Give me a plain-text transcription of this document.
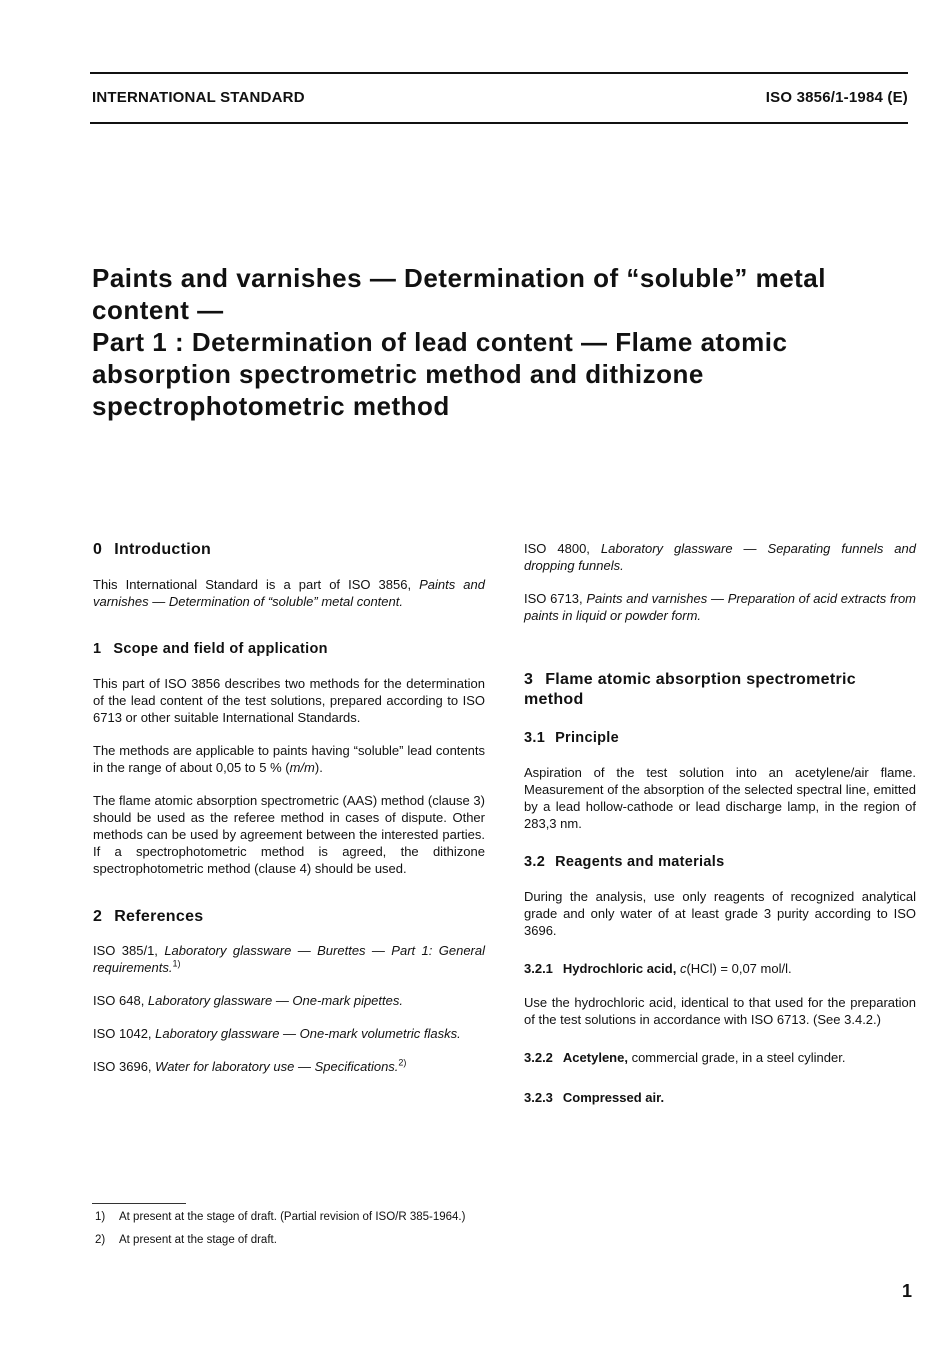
INTERNATIONAL STANDARD	ISO 3856/1-1984 (E)
Paints and varnishes — Determination of “soluble” metal
content —
Part 1 : Determination of lead content — Flame atomic
absorption spectrometric method and dithizone
spectrophotometric method
0 Introduction

This International Standard is a part of ISO 3856, Paints and varnishes — Determination of “soluble” metal content.

1 Scope and field of application

This part of ISO 3856 describes two methods for the determination of the lead content of the test solutions, prepared according to ISO 6713 or other suitable International Standards.

The methods are applicable to paints having “soluble” lead contents in the range of about 0,05 to 5 % (m/m).

The flame atomic absorption spectrometric (AAS) method (clause 3) should be used as the referee method in cases of dispute. Other methods can be used by agreement between the interested parties. If a spectrophotometric method is agreed, the dithizone spectrophotometric method (clause 4) should be used.

2 References

ISO 385/1, Laboratory glassware — Burettes — Part 1: General requirements.$^{1)}$

ISO 648, Laboratory glassware — One-mark pipettes.

ISO 1042, Laboratory glassware — One-mark volumetric flasks.

ISO 3696, Water for laboratory use — Specifications.$^{2)}$

ISO 4800, Laboratory glassware — Separating funnels and dropping funnels.

ISO 6713, Paints and varnishes — Preparation of acid extracts from paints in liquid or powder form.

3 Flame atomic absorption spectrometric method
3.1 Principle

Aspiration of the test solution into an acetylene/air flame. Measurement of the absorption of the selected spectral line, emitted by a lead hollow-cathode or lead discharge lamp, in the region of 283,3 nm.

3.2 Reagents and materials

During the analysis, use only reagents of recognized analytical grade and only water of at least grade 3 purity according to ISO 3696.

3.2.1 Hydrochloric acid, c(HCl) = 0,07 mol/l.

Use the hydrochloric acid, identical to that used for the preparation of the test solutions in accordance with ISO 6713. (See 3.4.2.)

3.2.2 Acetylene, commercial grade, in a steel cylinder.
3.2.3 Compressed air.
1) At present at the stage of draft. (Partial revision of ISO/R 385-1964.)
2) At present at the stage of draft.
1
